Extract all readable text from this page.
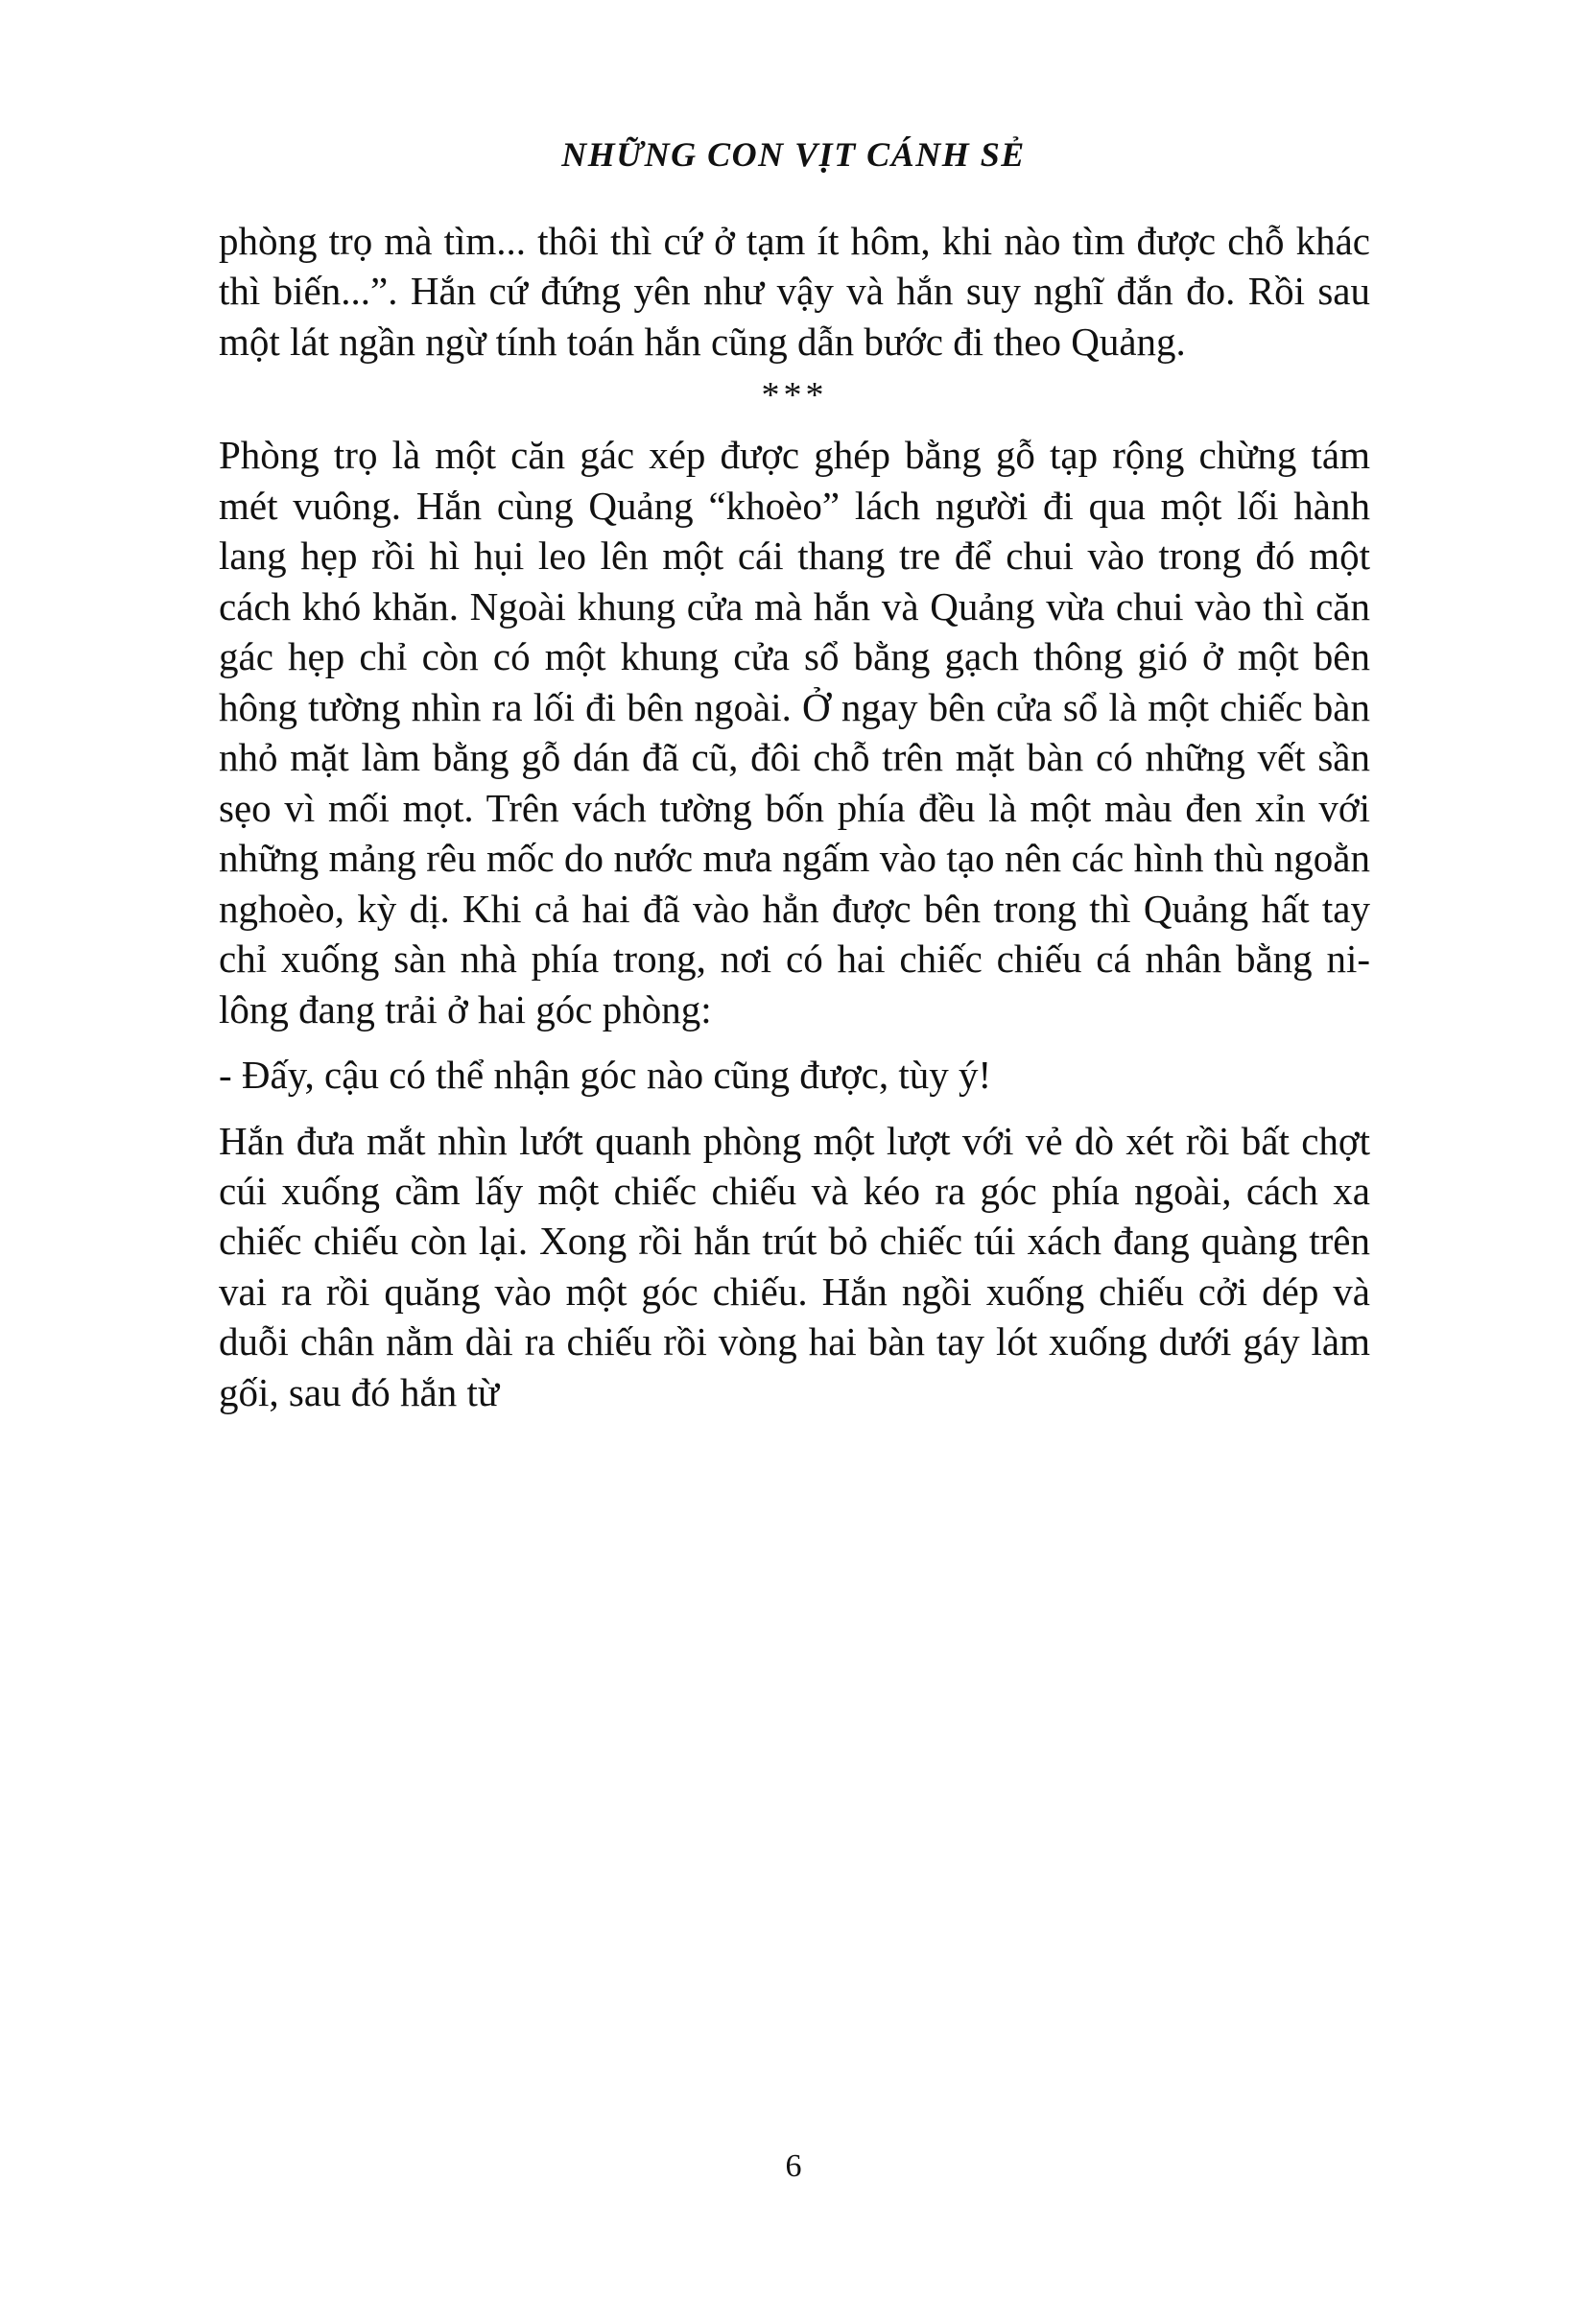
NHỮNG CON VỊT CÁNH SẺ

phòng trọ mà tìm... thôi thì cứ ở tạm ít hôm, khi nào tìm được chỗ khác thì biến...”. Hắn cứ đứng yên như vậy và hắn suy nghĩ đắn đo. Rồi sau một lát ngần ngừ tính toán hắn cũng dẫn bước đi theo Quảng.

***

Phòng trọ là một căn gác xép được ghép bằng gỗ tạp rộng chừng tám mét vuông. Hắn cùng Quảng “khoèo” lách người đi qua một lối hành lang hẹp rồi hì hụi leo lên một cái thang tre để chui vào trong đó một cách khó khăn. Ngoài khung cửa mà hắn và Quảng vừa chui vào thì căn gác hẹp chỉ còn có một khung cửa sổ bằng gạch thông gió ở một bên hông tường nhìn ra lối đi bên ngoài. Ở ngay bên cửa sổ là một chiếc bàn nhỏ mặt làm bằng gỗ dán đã cũ, đôi chỗ trên mặt bàn có những vết sần sẹo vì mối mọt. Trên vách tường bốn phía đều là một màu đen xỉn với những mảng rêu mốc do nước mưa ngấm vào tạo nên các hình thù ngoằn nghoèo, kỳ dị. Khi cả hai đã vào hẳn được bên trong thì Quảng hất tay chỉ xuống sàn nhà phía trong, nơi có hai chiếc chiếu cá nhân bằng ni-lông đang trải ở hai góc phòng:

- Đấy, cậu có thể nhận góc nào cũng được, tùy ý!

Hắn đưa mắt nhìn lướt quanh phòng một lượt với vẻ dò xét rồi bất chợt cúi xuống cầm lấy một chiếc chiếu và kéo ra góc phía ngoài, cách xa chiếc chiếu còn lại. Xong rồi hắn trút bỏ chiếc túi xách đang quàng trên vai ra rồi quăng vào một góc chiếu. Hắn ngồi xuống chiếu cởi dép và duỗi chân nằm dài ra chiếu rồi vòng hai bàn tay lót xuống dưới gáy làm gối, sau đó hắn từ

6
